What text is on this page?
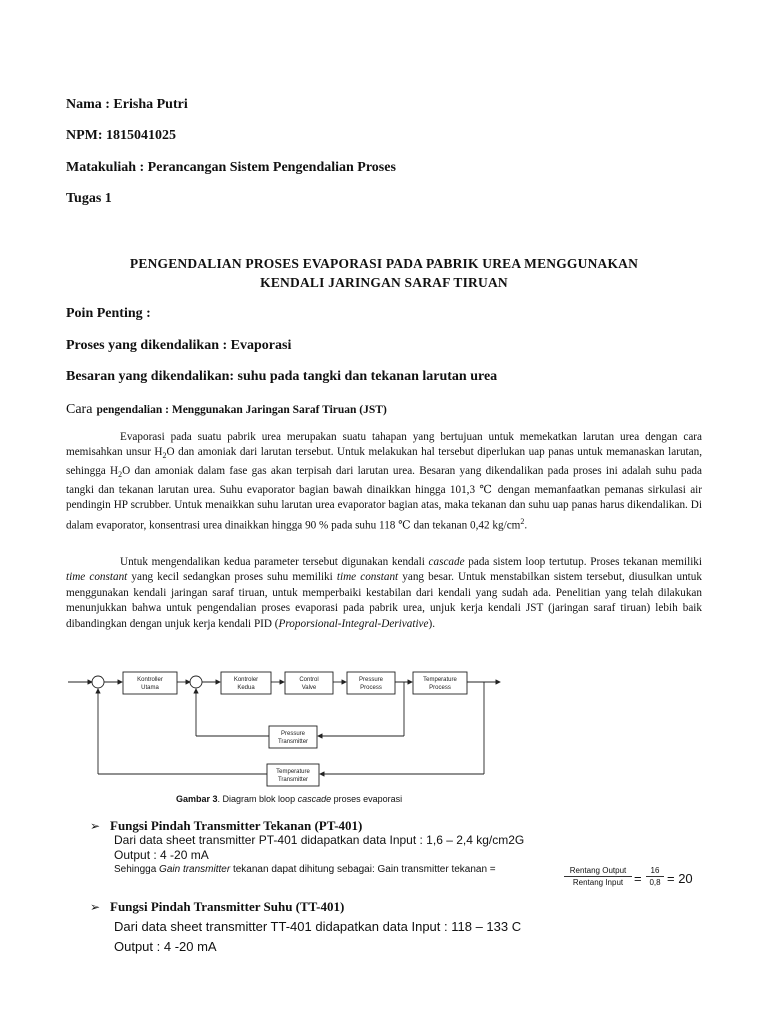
Nama : Erisha Putri
NPM: 1815041025
Matakuliah : Perancangan Sistem Pengendalian Proses
Tugas 1
PENGENDALIAN PROSES EVAPORASI PADA PABRIK UREA MENGGUNAKAN
KENDALI JARINGAN SARAF TIRUAN
Poin Penting :
Proses yang dikendalikan : Evaporasi
Besaran yang dikendalikan: suhu pada tangki dan tekanan larutan urea
Cara pengendalian : Menggunakan Jaringan Saraf Tiruan (JST)
Evaporasi pada suatu pabrik urea merupakan suatu tahapan yang bertujuan untuk memekatkan larutan urea dengan cara memisahkan unsur $H_2O$ dan amoniak dari larutan tersebut. Untuk melakukan hal tersebut diperlukan uap panas untuk memanaskan larutan, sehingga $H_2O$ dan amoniak dalam fase gas akan terpisah dari larutan urea. Besaran yang dikendalikan pada proses ini adalah suhu pada tangki dan tekanan larutan urea. Suhu evaporator bagian bawah dinaikkan hingga 101,3 ℃ dengan memanfaatkan pemanas sirkulasi air pendingin HP scrubber. Untuk menaikkan suhu larutan urea evaporator bagian atas, maka tekanan dan suhu uap panas harus dikendalikan. Di dalam evaporator, konsentrasi urea dinaikkan hingga 90 % pada suhu 118 ℃ dan tekanan 0,42 $kg/cm^2$.
Untuk mengendalikan kedua parameter tersebut digunakan kendali cascade pada sistem loop tertutup. Proses tekanan memiliki time constant yang kecil sedangkan proses suhu memiliki time constant yang besar. Untuk menstabilkan sistem tersebut, diusulkan untuk menggunakan kendali jaringan saraf tiruan, untuk memperbaiki kestabilan dari kendali yang sudah ada. Penelitian yang telah dilakukan menunjukkan bahwa untuk pengendalian proses evaporasi pada pabrik urea, unjuk kerja kendali JST (jaringan saraf tiruan) lebih baik dibandingkan dengan unjuk kerja kendali PID (Proporsional-Integral-Derivative).
Kontroller
Utama
Kontroler
Kedua
Control
Valve
Pressure
Process
Temperature
Process
Pressure
Transmitter
Temperature
Transmitter
Gambar 3. Diagram blok loop cascade proses evaporasi
➢ Fungsi Pindah Transmitter Tekanan (PT-401)
Dari data sheet transmitter PT-401 didapatkan data Input : 1,6 – 2,4 kg/cm2G
Output : 4 -20 mA
Sehingga Gain transmitter tekanan dapat dihitung sebagai: Gain transmitter tekanan =	Rentang Output
Rentang Input =
16
0,8 = 20
➢ Fungsi Pindah Transmitter Suhu (TT-401)
Dari data sheet transmitter TT-401 didapatkan data Input : 118 – 133 C
Output : 4 -20 mA
